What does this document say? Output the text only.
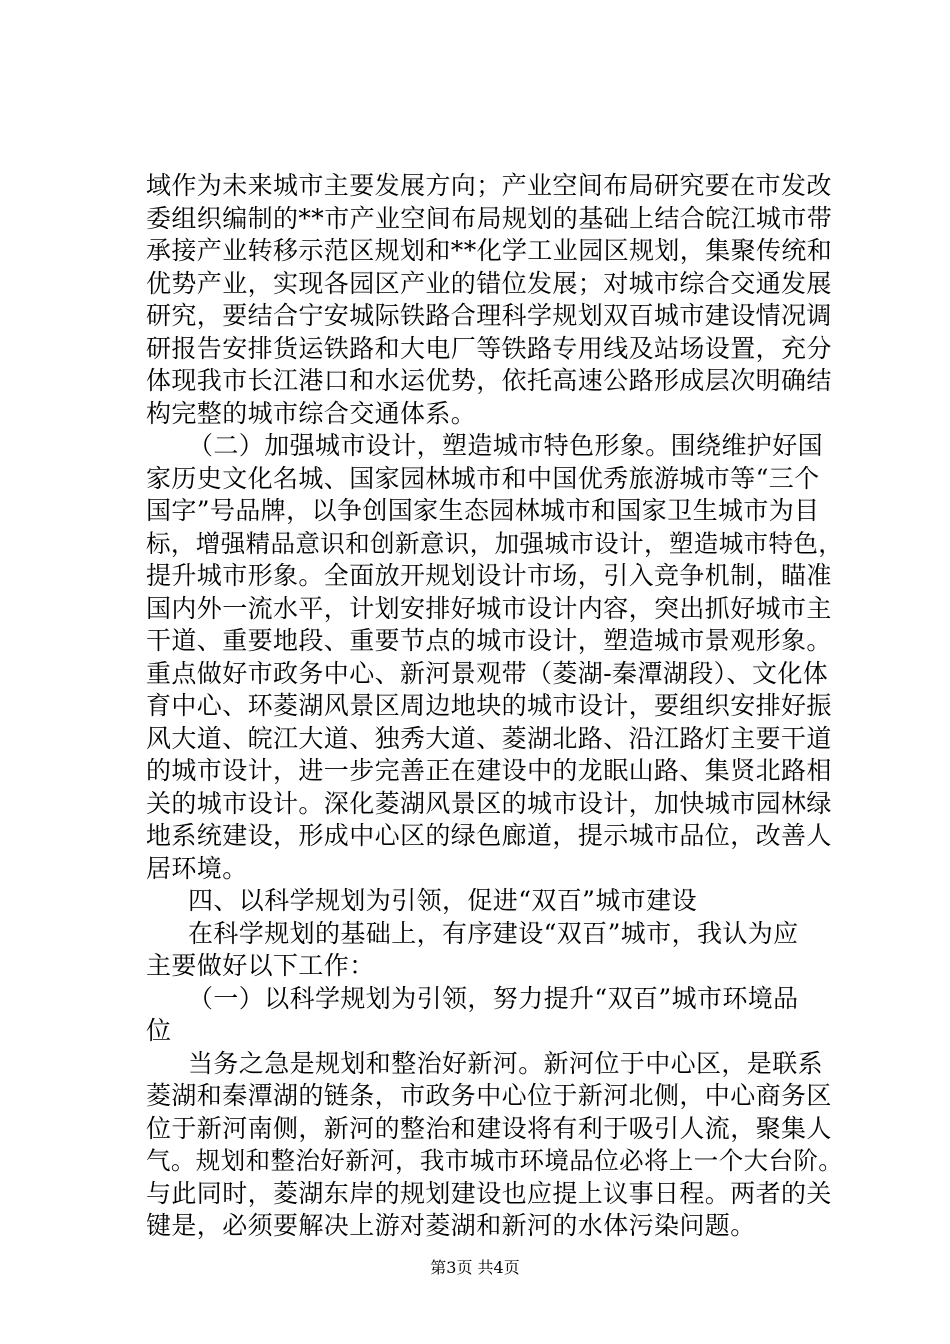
域作为未来城市主要发展方向；产业空间布局研究要在市发改
委组织编制的**市产业空间布局规划的基础上结合皖江城市带
承接产业转移示范区规划和**化学工业园区规划，集聚传统和
优势产业，实现各园区产业的错位发展；对城市综合交通发展
研究，要结合宁安城际铁路合理科学规划双百城市建设情况调
研报告安排货运铁路和大电厂等铁路专用线及站场设置，充分
体现我市长江港口和水运优势，依托高速公路形成层次明确结
构完整的城市综合交通体系。
（二）加强城市设计，塑造城市特色形象。围绕维护好国
家历史文化名城、国家园林城市和中国优秀旅游城市等“三个
国字”号品牌，以争创国家生态园林城市和国家卫生城市为目
标，增强精品意识和创新意识，加强城市设计，塑造城市特色，
提升城市形象。全面放开规划设计市场，引入竞争机制，瞄准
国内外一流水平，计划安排好城市设计内容，突出抓好城市主
干道、重要地段、重要节点的城市设计，塑造城市景观形象。
重点做好市政务中心、新河景观带（菱湖-秦潭湖段）、文化体
育中心、环菱湖风景区周边地块的城市设计，要组织安排好振
风大道、皖江大道、独秀大道、菱湖北路、沿江路灯主要干道
的城市设计，进一步完善正在建设中的龙眠山路、集贤北路相
关的城市设计。深化菱湖风景区的城市设计，加快城市园林绿
地系统建设，形成中心区的绿色廊道，提示城市品位，改善人
居环境。
四、以科学规划为引领，促进“双百”城市建设
在科学规划的基础上，有序建设“双百”城市，我认为应
主要做好以下工作：
（一）以科学规划为引领，努力提升“双百”城市环境品
位
当务之急是规划和整治好新河。新河位于中心区，是联系
菱湖和秦潭湖的链条，市政务中心位于新河北侧，中心商务区
位于新河南侧，新河的整治和建设将有利于吸引人流，聚集人
气。规划和整治好新河，我市城市环境品位必将上一个大台阶。
与此同时，菱湖东岸的规划建设也应提上议事日程。两者的关
键是，必须要解决上游对菱湖和新河的水体污染问题。
第3页 共4页
